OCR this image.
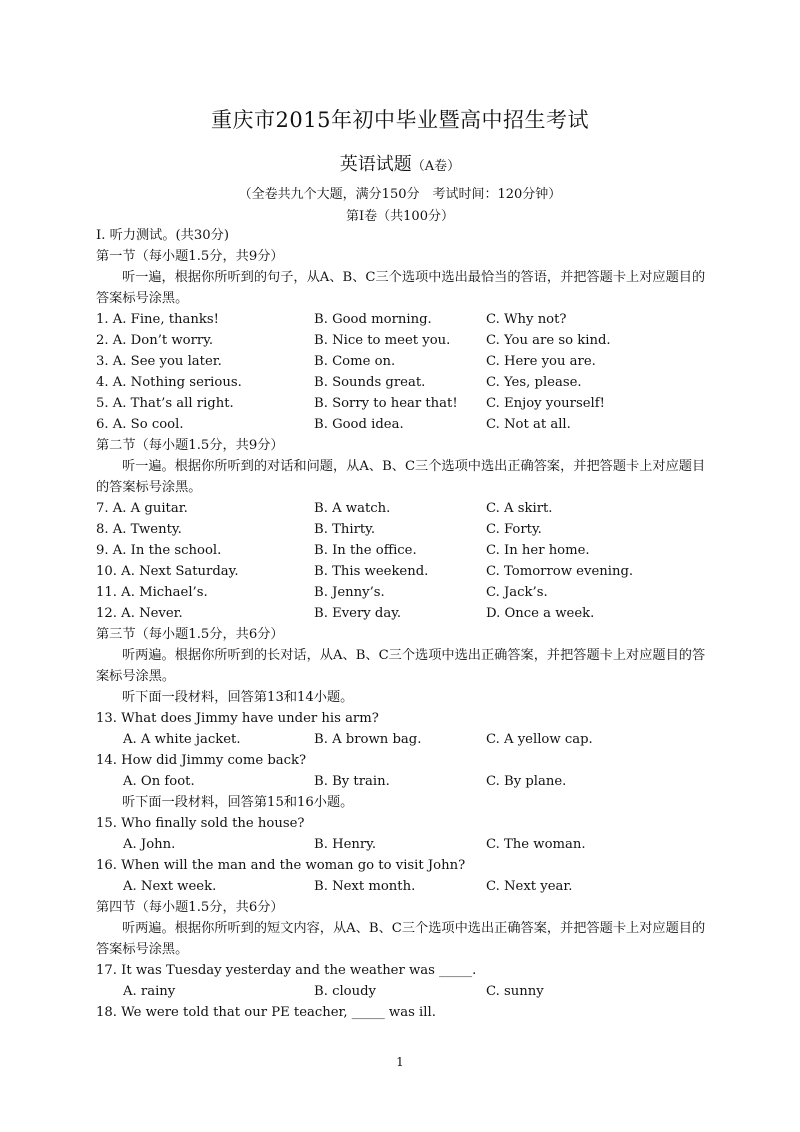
重庆市2015年初中毕业暨高中招生考试
英语试题（A卷）
（全卷共九个大题，满分150分　考试时间：120分钟）
第I卷（共100分）
I. 听力测试。(共30分)
第一节（每小题1.5分，共9分）
听一遍，根据你所听到的句子，从A、B、C三个选项中选出最恰当的答语，并把答题卡上对应题目的答案标号涂黑。
1. A. Fine, thanks!	B. Good morning.	C. Why not?
2. A. Don’t worry.	B. Nice to meet you.	C. You are so kind.
3. A. See you later.	B. Come on.	C. Here you are.
4. A. Nothing serious.	B. Sounds great.	C. Yes, please.
5. A. That’s all right.	B. Sorry to hear that!	C. Enjoy yourself!
6. A. So cool.	B. Good idea.	C. Not at all.
第二节（每小题1.5分，共9分）
听一遍。根据你所听到的对话和问题，从A、B、C三个选项中选出正确答案，并把答题卡上对应题目的答案标号涂黑。
7. A. A guitar.	B. A watch.	C. A skirt.
8. A. Twenty.	B. Thirty.	C. Forty.
9. A. In the school.	B. In the office.	C. In her home.
10. A. Next Saturday.	B. This weekend.	C. Tomorrow evening.
11. A. Michael’s.	B. Jenny’s.	C. Jack’s.
12. A. Never.	B. Every day.	D. Once a week.
第三节（每小题1.5分，共6分）
听两遍。根据你所听到的长对话，从A、B、C三个选项中选出正确答案，并把答题卡上对应题目的答案标号涂黑。
听下面一段材料，回答第13和14小题。
13. What does Jimmy have under his arm?
A. A white jacket.	B. A brown bag.	C. A yellow cap.
14. How did Jimmy come back?
A. On foot.	B. By train.	C. By plane.
听下面一段材料，回答第15和16小题。
15. Who finally sold the house?
A. John.	B. Henry.	C. The woman.
16. When will the man and the woman go to visit John?
A. Next week.	B. Next month.	C. Next year.
第四节（每小题1.5分，共6分）
听两遍。根据你所听到的短文内容，从A、B、C三个选项中选出正确答案，并把答题卡上对应题目的答案标号涂黑。
17. It was Tuesday yesterday and the weather was _____.
A. rainy	B. cloudy	C. sunny
18. We were told that our PE teacher, _____ was ill.
1
